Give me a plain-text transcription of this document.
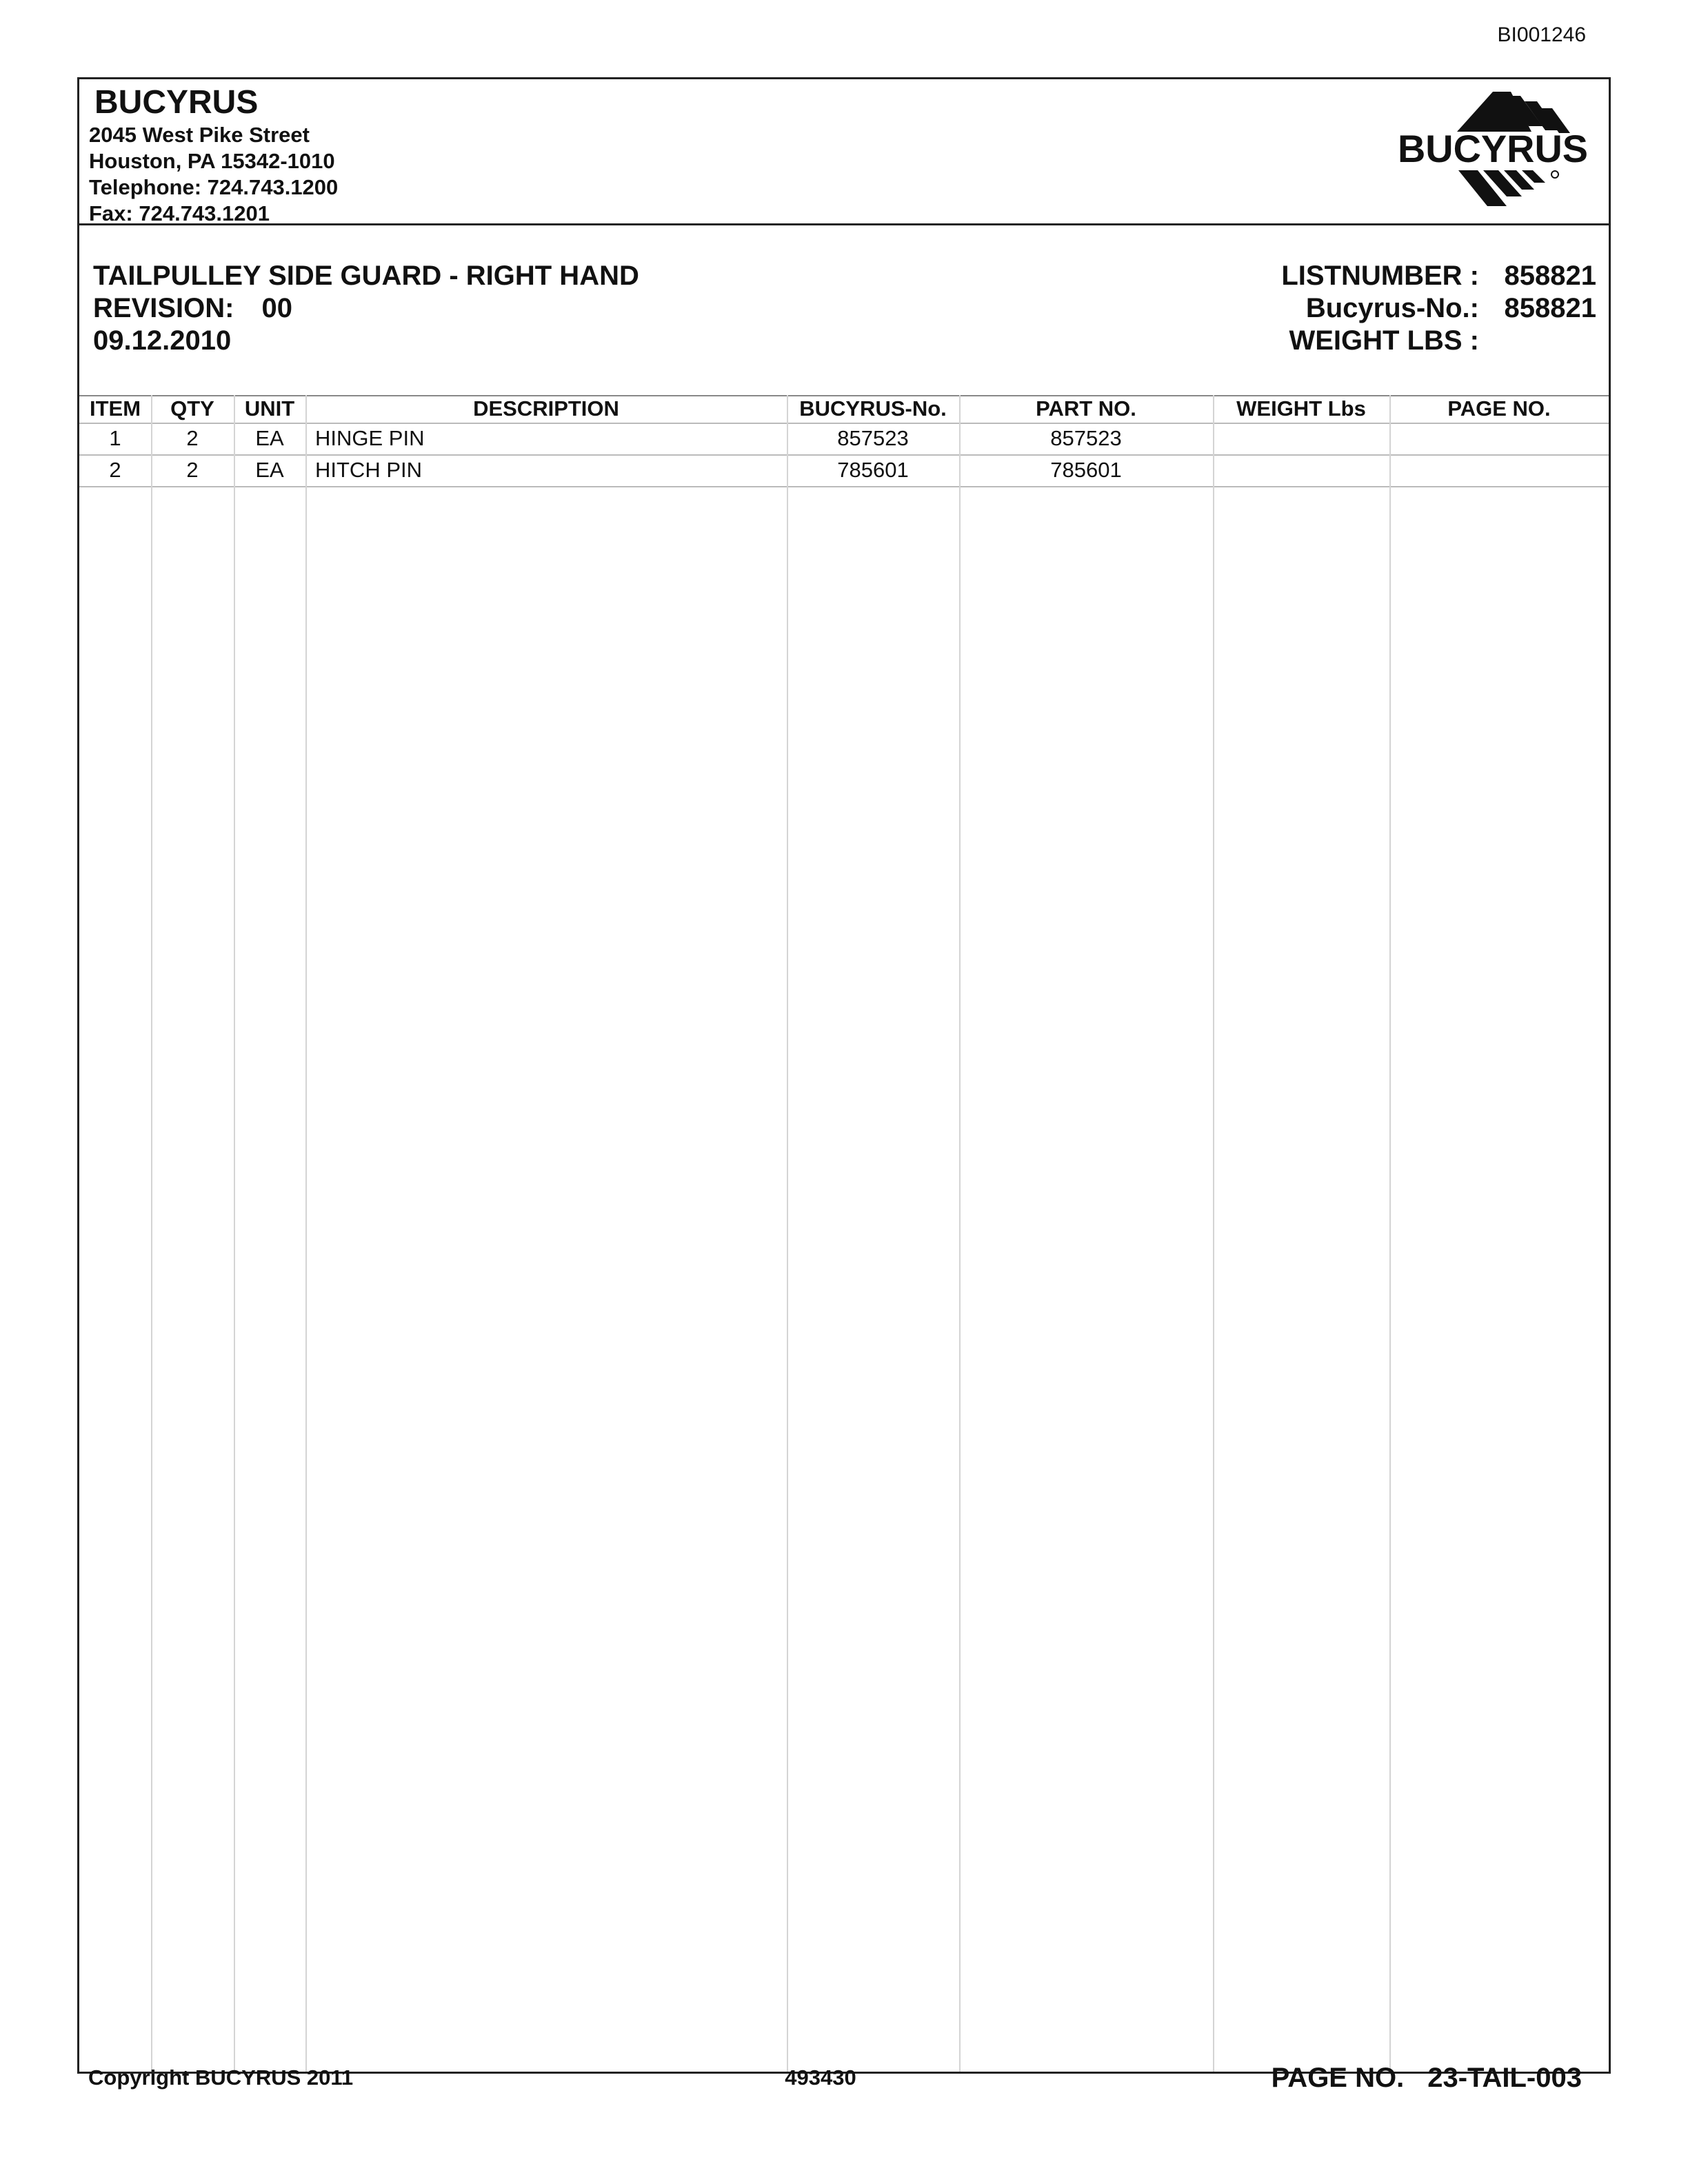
BI001246
BUCYRUS
2045 West Pike Street
Houston, PA 15342-1010
Telephone: 724.743.1200
Fax: 724.743.1201
BUCYRUS
TAILPULLEY SIDE GUARD - RIGHT HAND
REVISION: 00
09.12.2010
LISTNUMBER : 858821
Bucyrus-No.: 858821
WEIGHT LBS :
ITEM	QTY	UNIT	DESCRIPTION	BUCYRUS-No.	PART NO.	WEIGHT Lbs	PAGE NO.
1	2	EA	HINGE PIN	857523	857523
2	2	EA	HITCH PIN	785601	785601
Copyright BUCYRUS 2011	493430	PAGE NO. 23-TAIL-003
